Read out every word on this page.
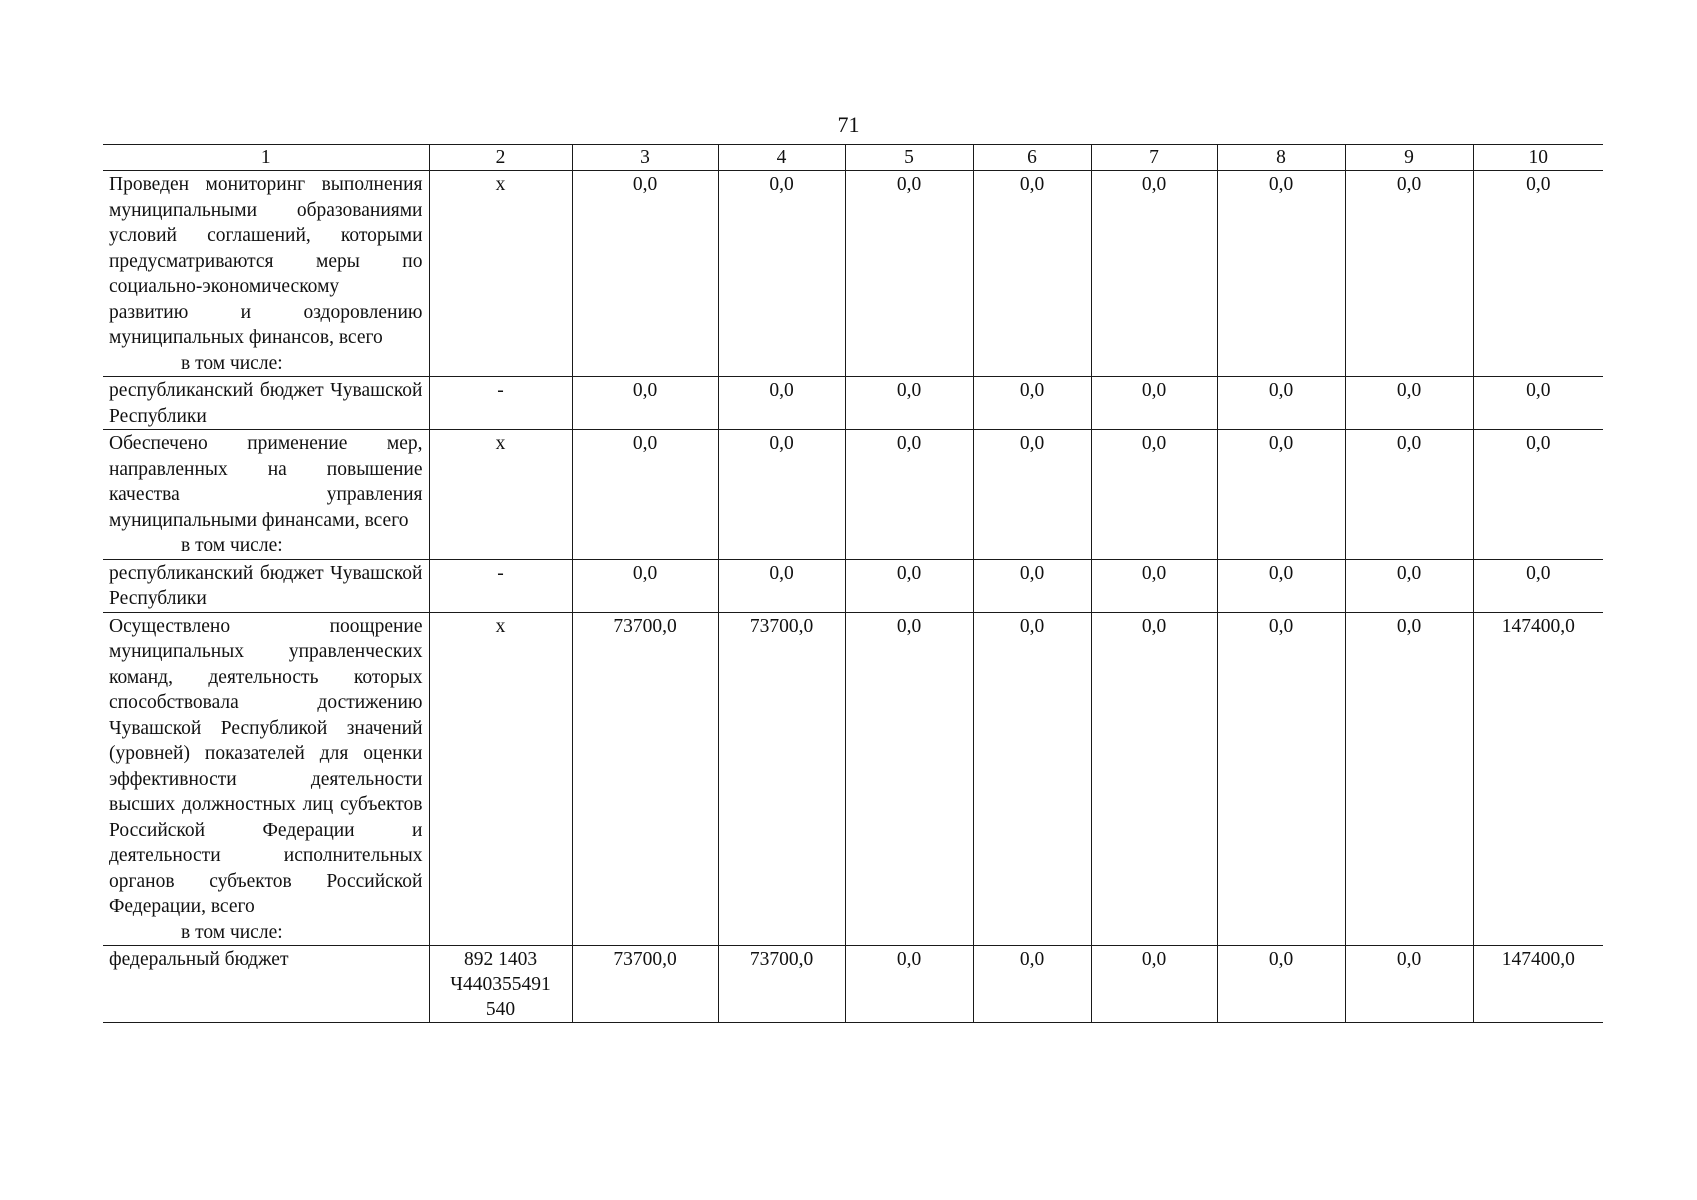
71
1	2	3	4	5	6	7	8	9	10

Проведен мониторинг выполнения муниципальными образованиями условий соглашений, которыми предусматриваются меры по социально-экономическому развитию и оздоровлению муниципальных финансов, всего
в том числе:	x	0,0	0,0	0,0	0,0	0,0	0,0	0,0	0,0

республиканский бюджет Чувашской Республики	-	0,0	0,0	0,0	0,0	0,0	0,0	0,0	0,0

Обеспечено применение мер, направленных на повышение качества управления муниципальными финансами, всего
в том числе:	x	0,0	0,0	0,0	0,0	0,0	0,0	0,0	0,0

республиканский бюджет Чувашской Республики	-	0,0	0,0	0,0	0,0	0,0	0,0	0,0	0,0

Осуществлено поощрение муниципальных управленческих команд, деятельность которых способствовала достижению Чувашской Республикой значений (уровней) показателей для оценки эффективности деятельности высших должностных лиц субъектов Российской Федерации и деятельности исполнительных органов субъектов Российской Федерации, всего
в том числе:	x	73700,0	73700,0	0,0	0,0	0,0	0,0	0,0	147400,0

федеральный бюджет	892 1403 Ч440355491 540	73700,0	73700,0	0,0	0,0	0,0	0,0	0,0	147400,0
